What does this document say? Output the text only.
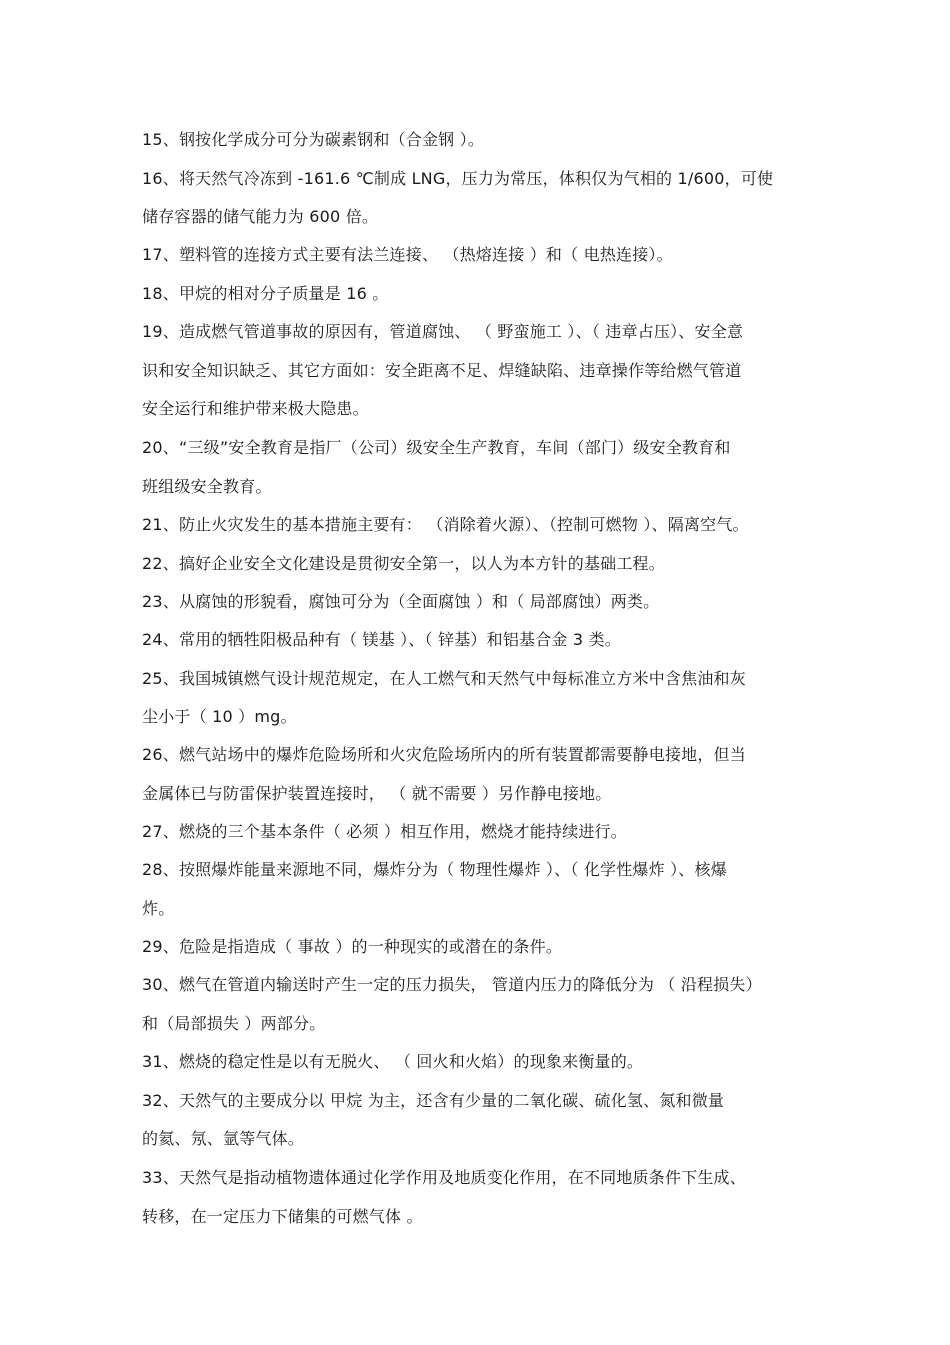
15、钢按化学成分可分为碳素钢和（合金钢 ）。
16、将天然气冷冻到 -161.6 ℃制成 LNG，压力为常压，体积仅为气相的 1/600，可使
储存容器的储气能力为 600 倍。
17、塑料管的连接方式主要有法兰连接、 （热熔连接 ）和（ 电热连接）。
18、甲烷的相对分子质量是 16 。
19、造成燃气管道事故的原因有，管道腐蚀、 （ 野蛮施工 ）、（ 违章占压）、安全意
识和安全知识缺乏、其它方面如：安全距离不足、焊缝缺陷、违章操作等给燃气管道
安全运行和维护带来极大隐患。
20、“三级”安全教育是指厂（公司）级安全生产教育，车间（部门）级安全教育和
班组级安全教育。
21、防止火灾发生的基本措施主要有： （消除着火源）、（控制可燃物 ）、隔离空气。
22、搞好企业安全文化建设是贯彻安全第一，以人为本方针的基础工程。
23、从腐蚀的形貌看，腐蚀可分为（全面腐蚀 ）和（ 局部腐蚀）两类。
24、常用的牺牲阳极品种有（ 镁基 ）、（ 锌基）和铝基合金 3 类。
25、我国城镇燃气设计规范规定，在人工燃气和天然气中每标准立方米中含焦油和灰
尘小于（ 10 ）mg。
26、燃气站场中的爆炸危险场所和火灾危险场所内的所有装置都需要静电接地，但当
金属体已与防雷保护装置连接时， （ 就不需要 ）另作静电接地。
27、燃烧的三个基本条件（ 必须 ）相互作用，燃烧才能持续进行。
28、按照爆炸能量来源地不同，爆炸分为（ 物理性爆炸 ）、（ 化学性爆炸 ）、核爆
炸。
29、危险是指造成（ 事故 ）的一种现实的或潜在的条件。
30、燃气在管道内输送时产生一定的压力损失， 管道内压力的降低分为 （ 沿程损失）
和（局部损失 ）两部分。
31、燃烧的稳定性是以有无脱火、 （ 回火和火焰）的现象来衡量的。
32、天然气的主要成分以 甲烷 为主，还含有少量的二氧化碳、硫化氢、氮和微量
的氦、氖、氩等气体。
33、天然气是指动植物遗体通过化学作用及地质变化作用，在不同地质条件下生成、
转移，在一定压力下储集的可燃气体 。
